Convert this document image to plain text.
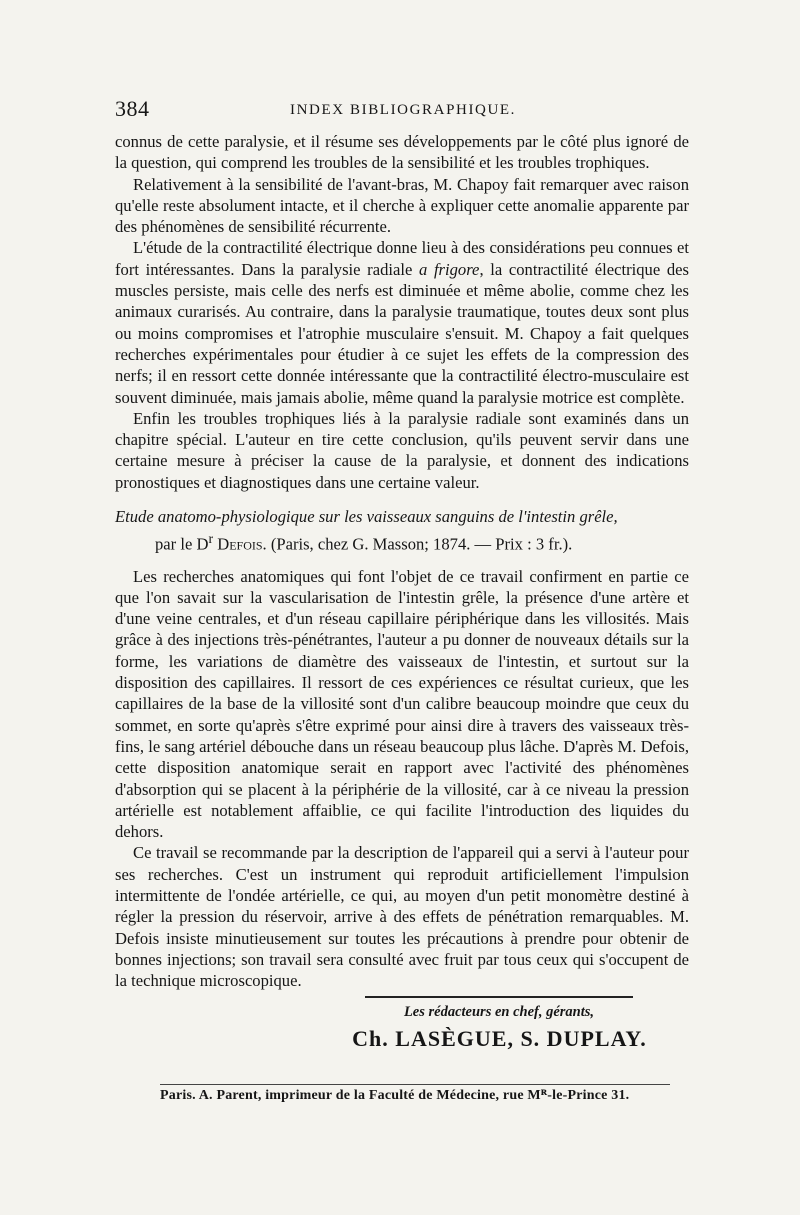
384	INDEX BIBLIOGRAPHIQUE.

connus de cette paralysie, et il résume ses développements par le côté plus ignoré de la question, qui comprend les troubles de la sensibilité et les troubles trophiques.

Relativement à la sensibilité de l'avant-bras, M. Chapoy fait remarquer avec raison qu'elle reste absolument intacte, et il cherche à expliquer cette anomalie apparente par des phénomènes de sensibilité récurrente.

L'étude de la contractilité électrique donne lieu à des considérations peu connues et fort intéressantes. Dans la paralysie radiale a frigore, la contractilité électrique des muscles persiste, mais celle des nerfs est diminuée et même abolie, comme chez les animaux curarisés. Au contraire, dans la paralysie traumatique, toutes deux sont plus ou moins compromises et l'atrophie musculaire s'ensuit. M. Chapoy a fait quelques recherches expérimentales pour étudier à ce sujet les effets de la compression des nerfs; il en ressort cette donnée intéressante que la contractilité électro-musculaire est souvent diminuée, mais jamais abolie, même quand la paralysie motrice est complète.

Enfin les troubles trophiques liés à la paralysie radiale sont examinés dans un chapitre spécial. L'auteur en tire cette conclusion, qu'ils peuvent servir dans une certaine mesure à préciser la cause de la paralysie, et donnent des indications pronostiques et diagnostiques dans une certaine valeur.

Etude anatomo-physiologique sur les vaisseaux sanguins de l'intestin grêle,
par le $D^r$ Defois. (Paris, chez G. Masson; 1874. — Prix : 3 fr.).

Les recherches anatomiques qui font l'objet de ce travail confirment en partie ce que l'on savait sur la vascularisation de l'intestin grêle, la présence d'une artère et d'une veine centrales, et d'un réseau capillaire périphérique dans les villosités. Mais grâce à des injections très-pénétrantes, l'auteur a pu donner de nouveaux détails sur la forme, les variations de diamètre des vaisseaux de l'intestin, et surtout sur la disposition des capillaires. Il ressort de ces expériences ce résultat curieux, que les capillaires de la base de la villosité sont d'un calibre beaucoup moindre que ceux du sommet, en sorte qu'après s'être exprimé pour ainsi dire à travers des vaisseaux très-fins, le sang artériel débouche dans un réseau beaucoup plus lâche. D'après M. Defois, cette disposition anatomique serait en rapport avec l'activité des phénomènes d'absorption qui se placent à la périphérie de la villosité, car à ce niveau la pression artérielle est notablement affaiblie, ce qui facilite l'introduction des liquides du dehors.

Ce travail se recommande par la description de l'appareil qui a servi à l'auteur pour ses recherches. C'est un instrument qui reproduit artificiellement l'impulsion intermittente de l'ondée artérielle, ce qui, au moyen d'un petit monomètre destiné à régler la pression du réservoir, arrive à des effets de pénétration remarquables. M. Defois insiste minutieusement sur toutes les précautions à prendre pour obtenir de bonnes injections; son travail sera consulté avec fruit par tous ceux qui s'occupent de la technique microscopique.

Les rédacteurs en chef, gérants,
Ch. LASÈGUE, S. DUPLAY.
Paris. A. Parent, imprimeur de la Faculté de Médecine, rue Mᴿ-le-Prince 31.
